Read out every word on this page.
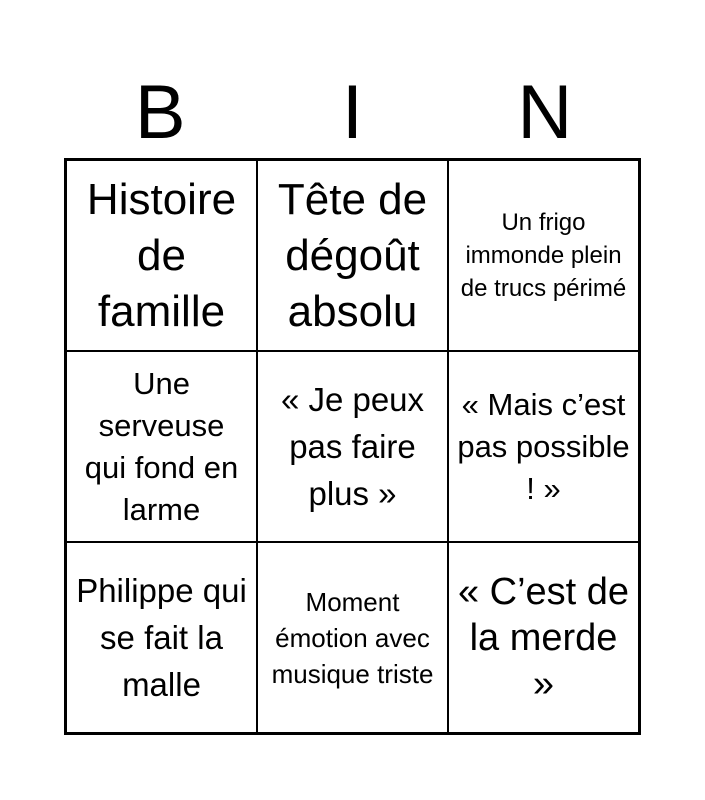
B	I	N
Histoire de famille
Tête de dégoût absolu
Un frigo immonde plein de trucs périmé
Une serveuse qui fond en larme
« Je peux pas faire plus »
« Mais c’est pas possible ! »
Philippe qui se fait la malle
Moment émotion avec musique triste
« C’est de la merde »
